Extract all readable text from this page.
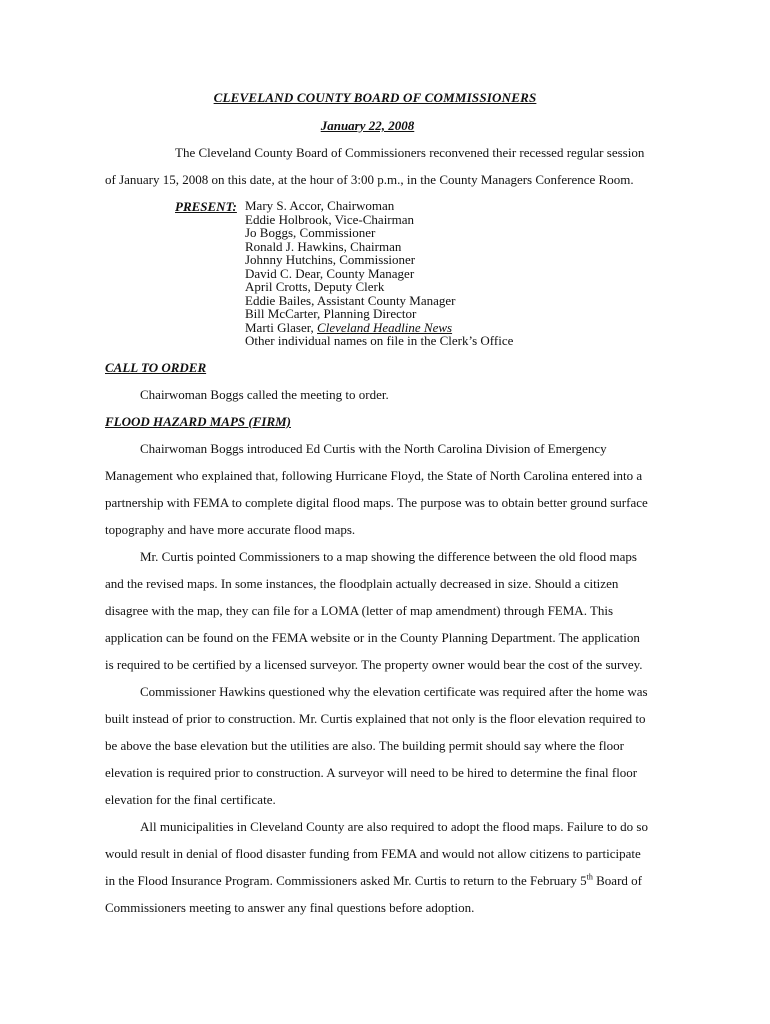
CLEVELAND COUNTY BOARD OF COMMISSIONERS
January 22, 2008
The Cleveland County Board of Commissioners reconvened their recessed regular session
of January 15, 2008 on this date, at the hour of 3:00 p.m., in the County Managers Conference Room.
PRESENT: Mary S. Accor, Chairwoman
Eddie Holbrook, Vice-Chairman
Jo Boggs, Commissioner
Ronald J. Hawkins, Chairman
Johnny Hutchins, Commissioner
David C. Dear, County Manager
April Crotts, Deputy Clerk
Eddie Bailes, Assistant County Manager
Bill McCarter, Planning Director
Marti Glaser, Cleveland Headline News
Other individual names on file in the Clerk’s Office
CALL TO ORDER
Chairwoman Boggs called the meeting to order.
FLOOD HAZARD MAPS (FIRM)
Chairwoman Boggs introduced Ed Curtis with the North Carolina Division of Emergency
Management who explained that, following Hurricane Floyd, the State of North Carolina entered into a
partnership with FEMA to complete digital flood maps. The purpose was to obtain better ground surface
topography and have more accurate flood maps.
Mr. Curtis pointed Commissioners to a map showing the difference between the old flood maps
and the revised maps. In some instances, the floodplain actually decreased in size. Should a citizen
disagree with the map, they can file for a LOMA (letter of map amendment) through FEMA. This
application can be found on the FEMA website or in the County Planning Department. The application
is required to be certified by a licensed surveyor. The property owner would bear the cost of the survey.
Commissioner Hawkins questioned why the elevation certificate was required after the home was
built instead of prior to construction. Mr. Curtis explained that not only is the floor elevation required to
be above the base elevation but the utilities are also. The building permit should say where the floor
elevation is required prior to construction. A surveyor will need to be hired to determine the final floor
elevation for the final certificate.
All municipalities in Cleveland County are also required to adopt the flood maps. Failure to do so
would result in denial of flood disaster funding from FEMA and would not allow citizens to participate
in the Flood Insurance Program. Commissioners asked Mr. Curtis to return to the February 5th Board of
Commissioners meeting to answer any final questions before adoption.
